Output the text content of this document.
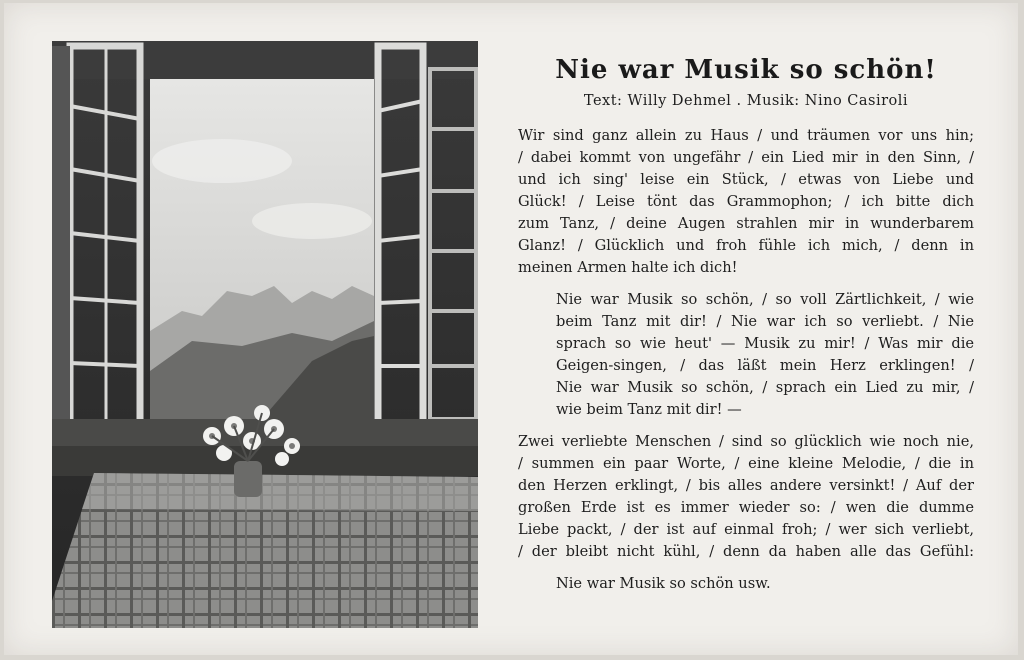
Nie war Musik so schön!

Text: Willy Dehmel . Musik: Nino Casiroli

Wir sind ganz allein zu Haus / und träumen vor uns hin;
/ dabei kommt von ungefähr / ein Lied mir in den Sinn, /
und ich sing' leise ein Stück, / etwas von Liebe und
Glück! / Leise tönt das Grammophon; / ich bitte dich
zum Tanz, / deine Augen strahlen mir in wunderbarem
Glanz! / Glücklich und froh fühle ich mich, / denn in
meinen Armen halte ich dich!
Nie war Musik so schön, / so voll Zärtlichkeit, / wie
beim Tanz mit dir! / Nie war ich so verliebt. / Nie
sprach so wie heut' — Musik zu mir! / Was mir die
Geigen-singen, / das läßt mein Herz erklingen! /
Nie war Musik so schön, / sprach ein Lied zu mir, /
wie beim Tanz mit dir! —
Zwei verliebte Menschen / sind so glücklich wie noch nie,
/ summen ein paar Worte, / eine kleine Melodie, / die in
den Herzen erklingt, / bis alles andere versinkt! / Auf der
großen Erde ist es immer wieder so: / wen die dumme
Liebe packt, / der ist auf einmal froh; / wer sich verliebt,
/ der bleibt nicht kühl, / denn da haben alle das Gefühl:
Nie war Musik so schön usw.
